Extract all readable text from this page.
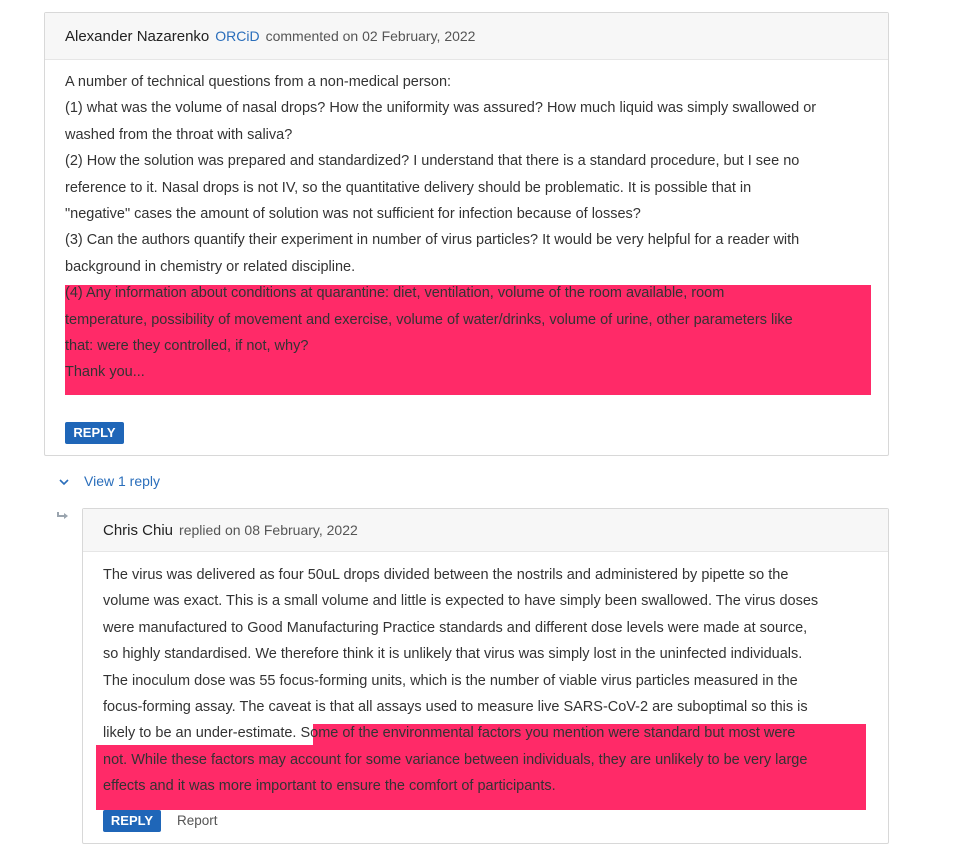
Alexander Nazarenko ORCiD commented on 02 February, 2022
A number of technical questions from a non-medical person:
(1) what was the volume of nasal drops? How the uniformity was assured? How much liquid was simply swallowed or
washed from the throat with saliva?
(2) How the solution was prepared and standardized? I understand that there is a standard procedure, but I see no
reference to it. Nasal drops is not IV, so the quantitative delivery should be problematic. It is possible that in
"negative" cases the amount of solution was not sufficient for infection because of losses?
(3) Can the authors quantify their experiment in number of virus particles? It would be very helpful for a reader with
background in chemistry or related discipline.
(4) Any information about conditions at quarantine: diet, ventilation, volume of the room available, room
temperature, possibility of movement and exercise, volume of water/drinks, volume of urine, other parameters like
that: were they controlled, if not, why?
Thank you...
REPLY
View 1 reply
Chris Chiu replied on 08 February, 2022
The virus was delivered as four 50uL drops divided between the nostrils and administered by pipette so the
volume was exact. This is a small volume and little is expected to have simply been swallowed. The virus doses
were manufactured to Good Manufacturing Practice standards and different dose levels were made at source,
so highly standardised. We therefore think it is unlikely that virus was simply lost in the uninfected individuals.
The inoculum dose was 55 focus-forming units, which is the number of viable virus particles measured in the
focus-forming assay. The caveat is that all assays used to measure live SARS-CoV-2 are suboptimal so this is
likely to be an under-estimate. Some of the environmental factors you mention were standard but most were
not. While these factors may account for some variance between individuals, they are unlikely to be very large
effects and it was more important to ensure the comfort of participants.
REPLY	Report
